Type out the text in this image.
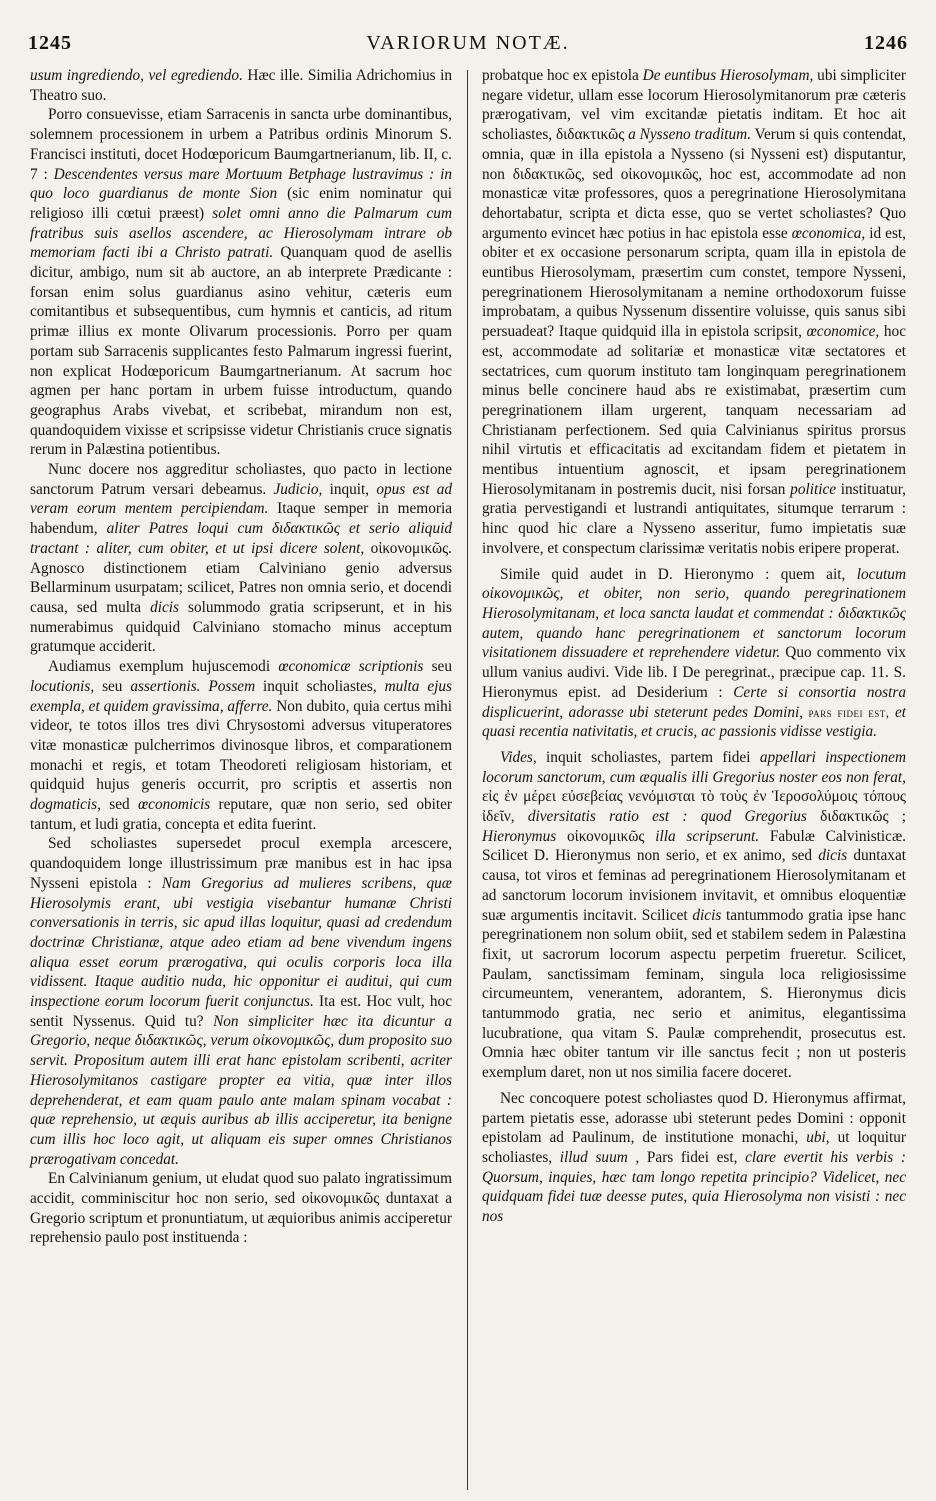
1245	VARIORUM NOTÆ.	1246

usum ingrediendo, vel egrediendo. Hæc ille. Similia Adrichomius in Theatro suo.

Porro consuevisse, etiam Sarracenis in sancta urbe dominantibus, solemnem processionem in urbem a Patribus ordinis Minorum S. Francisci instituti, docet Hodœporicum Baumgartnerianum, lib. II, c. 7 : Descendentes versus mare Mortuum Betphage lustravimus : in quo loco guardianus de monte Sion (sic enim nominatur qui religioso illi cœtui præest) solet omni anno die Palmarum cum fratribus suis asellos ascendere, ac Hierosolymam intrare ob memoriam facti ibi a Christo patrati. Quanquam quod de asellis dicitur, ambigo, num sit ab auctore, an ab interprete Prædicante : forsan enim solus guardianus asino vehitur, cæteris eum comitantibus et subsequentibus, cum hymnis et canticis, ad ritum primæ illius ex monte Olivarum processionis. Porro per quam portam sub Sarracenis supplicantes festo Palmarum ingressi fuerint, non explicat Hodœporicum Baumgartnerianum. At sacrum hoc agmen per hanc portam in urbem fuisse introductum, quando geographus Arabs vivebat, et scribebat, mirandum non est, quandoquidem vixisse et scripsisse videtur Christianis cruce signatis rerum in Palæstina potientibus.

Nunc docere nos aggreditur scholiastes, quo pacto in lectione sanctorum Patrum versari debeamus. Judicio, inquit, opus est ad veram eorum mentem percipiendam. Itaque semper in memoria habendum, aliter Patres loqui cum διδακτικῶς et serio aliquid tractant : aliter, cum obiter, et ut ipsi dicere solent, οἰκονομικῶς. Agnosco distinctionem etiam Calviniano genio adversus Bellarminum usurpatam; scilicet, Patres non omnia serio, et docendi causa, sed multa dicis solummodo gratia scripserunt, et in his numerabimus quidquid Calviniano stomacho minus acceptum gratumque acciderit.

Audiamus exemplum hujuscemodi œconomicæ scriptionis seu locutionis, seu assertionis. Possem inquit scholiastes, multa ejus exempla, et quidem gravissima, afferre. Non dubito, quia certus mihi videor, te totos illos tres divi Chrysostomi adversus vituperatores vitæ monasticæ pulcherrimos divinosque libros, et comparationem monachi et regis, et totam Theodoreti religiosam historiam, et quidquid hujus generis occurrit, pro scriptis et assertis non dogmaticis, sed œconomicis reputare, quæ non serio, sed obiter tantum, et ludi gratia, concepta et edita fuerint.

Sed scholiastes supersedet procul exempla arcescere, quandoquidem longe illustrissimum præ manibus est in hac ipsa Nysseni epistola : Nam Gregorius ad mulieres scribens, quæ Hierosolymis erant, ubi vestigia visebantur humanæ Christi conversationis in terris, sic apud illas loquitur, quasi ad credendum doctrinæ Christianæ, atque adeo etiam ad bene vivendum ingens aliqua esset eorum prærogativa, qui oculis corporis loca illa vidissent. Itaque auditio nuda, hic opponitur ei auditui, qui cum inspectione eorum locorum fuerit conjunctus. Ita est. Hoc vult, hoc sentit Nyssenus. Quid tu? Non simpliciter hæc ita dicuntur a Gregorio, neque διδακτικῶς, verum οἰκονομικῶς, dum proposito suo servit. Propositum autem illi erat hanc epistolam scribenti, acriter Hierosolymitanos castigare propter ea vitia, quæ inter illos deprehenderat, et eam quam paulo ante malam spinam vocabat : quæ reprehensio, ut æquis auribus ab illis acciperetur, ita benigne cum illis hoc loco agit, ut aliquam eis super omnes Christianos prærogativam concedat.

En Calvinianum genium, ut eludat quod suo palato ingratissimum accidit, comminiscitur hoc non serio, sed οἰκονομικῶς duntaxat a Gregorio scriptum et pronuntiatum, ut æquioribus animis acciperetur reprehensio paulo post instituenda :

probatque hoc ex epistola De euntibus Hierosolymam, ubi simpliciter negare videtur, ullam esse locorum Hierosolymitanorum præ cæteris prærogativam, vel vim excitandæ pietatis inditam. Et hoc ait scholiastes, διδακτικῶς a Nysseno traditum. Verum si quis contendat, omnia, quæ in illa epistola a Nysseno (si Nysseni est) disputantur, non διδακτικῶς, sed οἰκονομικῶς, hoc est, accommodate ad non monasticæ vitæ professores, quos a peregrinatione Hierosolymitana dehortabatur, scripta et dicta esse, quo se vertet scholiastes? Quo argumento evincet hæc potius in hac epistola esse œconomica, id est, obiter et ex occasione personarum scripta, quam illa in epistola de euntibus Hierosolymam, præsertim cum constet, tempore Nysseni, peregrinationem Hierosolymitanam a nemine orthodoxorum fuisse improbatam, a quibus Nyssenum dissentire voluisse, quis sanus sibi persuadeat? Itaque quidquid illa in epistola scripsit, œconomice, hoc est, accommodate ad solitariæ et monasticæ vitæ sectatores et sectatrices, cum quorum instituto tam longinquam peregrinationem minus belle concinere haud abs re existimabat, præsertim cum peregrinationem illam urgerent, tanquam necessariam ad Christianam perfectionem. Sed quia Calvinianus spiritus prorsus nihil virtutis et efficacitatis ad excitandam fidem et pietatem in mentibus intuentium agnoscit, et ipsam peregrinationem Hierosolymitanam in postremis ducit, nisi forsan politice instituatur, gratia pervestigandi et lustrandi antiquitates, situmque terrarum : hinc quod hic clare a Nysseno asseritur, fumo impietatis suæ involvere, et conspectum clarissimæ veritatis nobis eripere properat.

Simile quid audet in D. Hieronymo : quem ait, locutum οἰκονομικῶς, et obiter, non serio, quando peregrinationem Hierosolymitanam, et loca sancta laudat et commendat : διδακτικῶς autem, quando hanc peregrinationem et sanctorum locorum visitationem dissuadere et reprehendere videtur. Quo commento vix ullum vanius audivi. Vide lib. I De peregrinat., præcipue cap. 11. S. Hieronymus epist. ad Desiderium : Certe si consortia nostra displicuerint, adorasse ubi steterunt pedes Domini, pars fidei est, et quasi recentia nativitatis, et crucis, ac passionis vidisse vestigia.

Vides, inquit scholiastes, partem fidei appellari inspectionem locorum sanctorum, cum æqualis illi Gregorius noster eos non ferat, εἰς ἐν μέρει εὐσεβείας νενόμισται τὸ τοὺς ἐν Ἱεροσολύμοις τόπους ἰδεῖν, diversitatis ratio est : quod Gregorius διδακτικῶς ; Hieronymus οἰκονομικῶς illa scripserunt. Fabulæ Calvinisticæ. Scilicet D. Hieronymus non serio, et ex animo, sed dicis duntaxat causa, tot viros et feminas ad peregrinationem Hierosolymitanam et ad sanctorum locorum invisionem invitavit, et omnibus eloquentiæ suæ argumentis incitavit. Scilicet dicis tantummodo gratia ipse hanc peregrinationem non solum obiit, sed et stabilem sedem in Palæstina fixit, ut sacrorum locorum aspectu perpetim frueretur. Scilicet, Paulam, sanctissimam feminam, singula loca religiosissime circumeuntem, venerantem, adorantem, S. Hieronymus dicis tantummodo gratia, nec serio et animitus, elegantissima lucubratione, qua vitam S. Paulæ comprehendit, prosecutus est. Omnia hæc obiter tantum vir ille sanctus fecit ; non ut posteris exemplum daret, non ut nos similia facere doceret.

Nec concoquere potest scholiastes quod D. Hieronymus affirmat, partem pietatis esse, adorasse ubi steterunt pedes Domini : opponit epistolam ad Paulinum, de institutione monachi, ubi, ut loquitur scholiastes, illud suum , Pars fidei est, clare evertit his verbis : Quorsum, inquies, hæc tam longo repetita principio? Videlicet, nec quidquam fidei tuæ deesse putes, quia Hierosolyma non visisti : nec nos
